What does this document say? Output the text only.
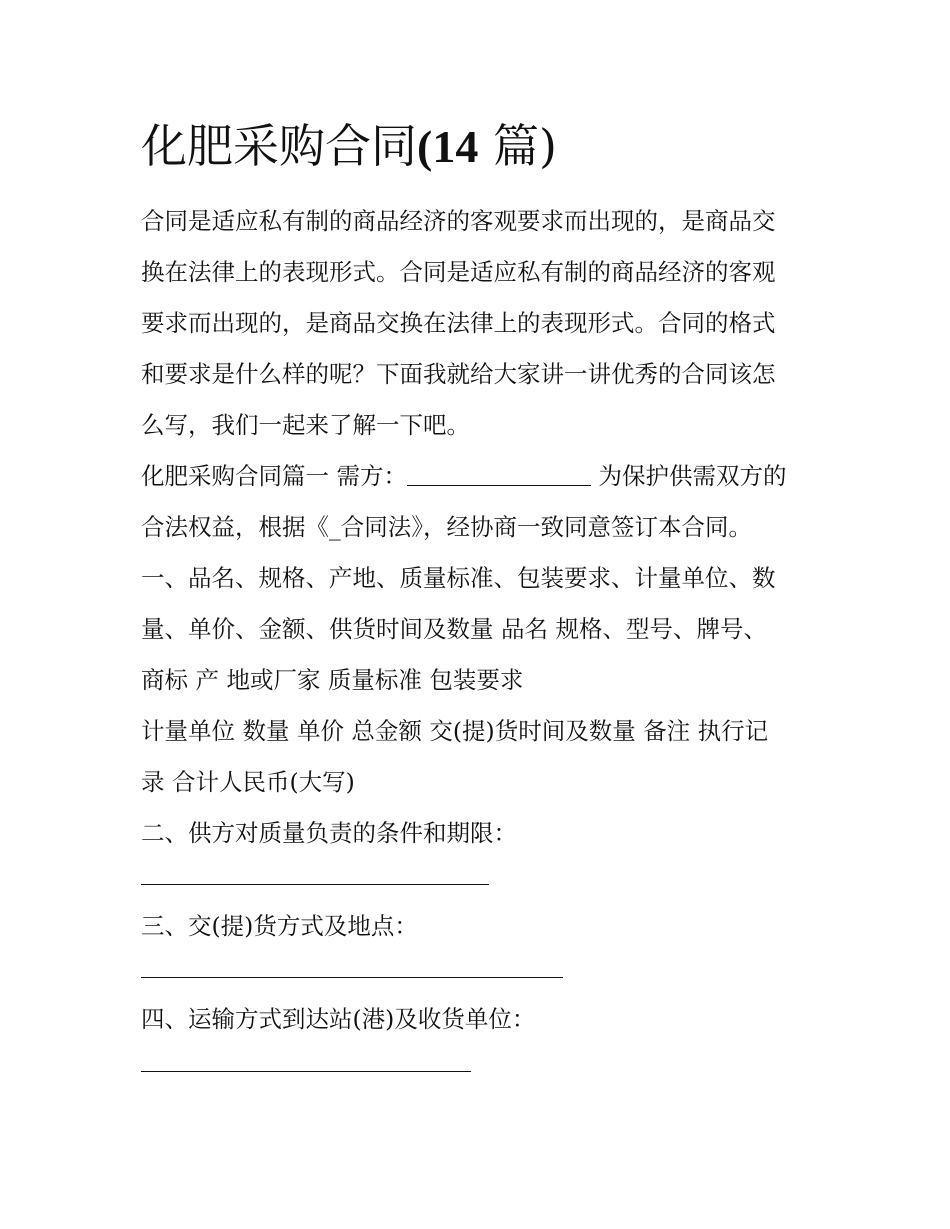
化肥采购合同(14 篇)
合同是适应私有制的商品经济的客观要求而出现的，是商品交
换在法律上的表现形式。合同是适应私有制的商品经济的客观
要求而出现的，是商品交换在法律上的表现形式。合同的格式
和要求是什么样的呢？下面我就给大家讲一讲优秀的合同该怎
么写，我们一起来了解一下吧。
化肥采购合同篇一 需方：	为保护供需双方的
合法权益，根据《_合同法》，经协商一致同意签订本合同。
一、品名、规格、产地、质量标准、包装要求、计量单位、数
量、单价、金额、供货时间及数量 品名 规格、型号、牌号、
商标 产 地或厂家 质量标准 包装要求
计量单位 数量 单价 总金额 交(提)货时间及数量 备注 执行记
录 合计人民币(大写)
二、供方对质量负责的条件和期限：
三、交(提)货方式及地点：
四、运输方式到达站(港)及收货单位：
